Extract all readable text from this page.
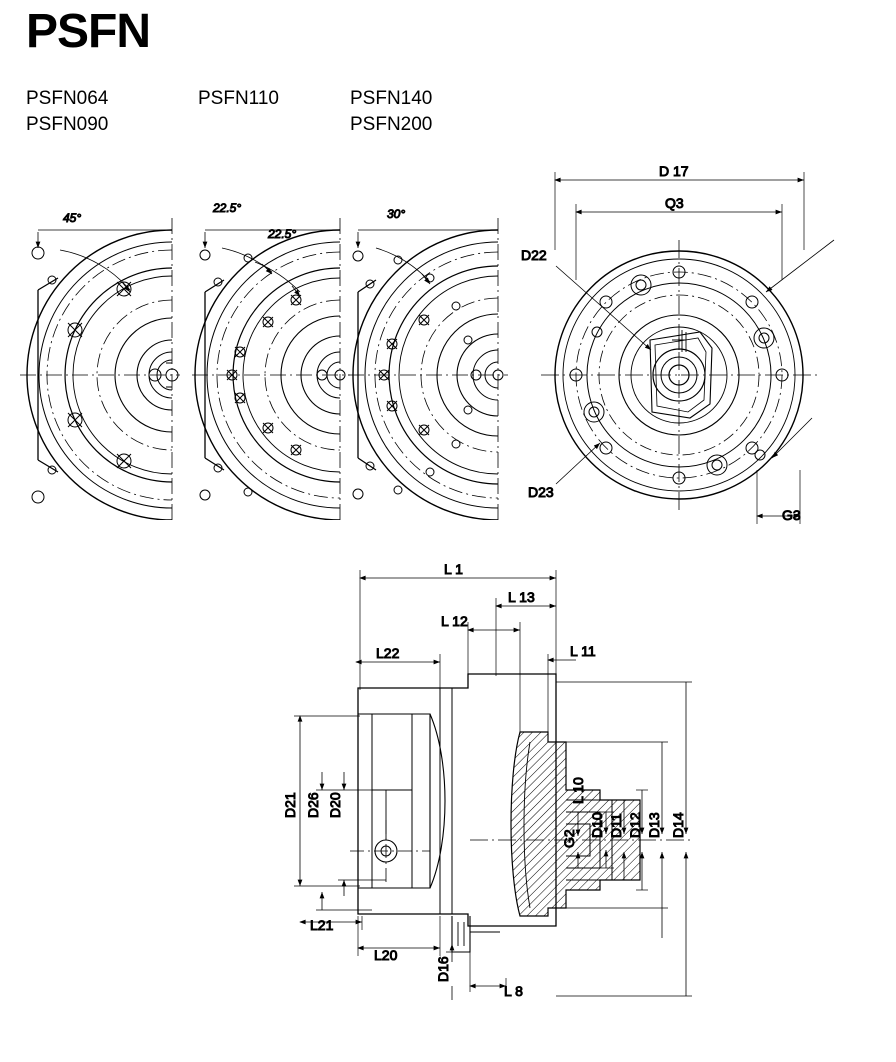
PSFN
PSFN064
PSFN090
PSFN110	PSFN140
PSFN200
45°
22.5°
22.5°
30°
D 17
Q3
D22
D23
G3
L 1
L 13
L 12
L 11
L22
D21 D26 D20
L21
L20
D16
L 8
G2
L 10
D10 D11 D12 D13 D14
